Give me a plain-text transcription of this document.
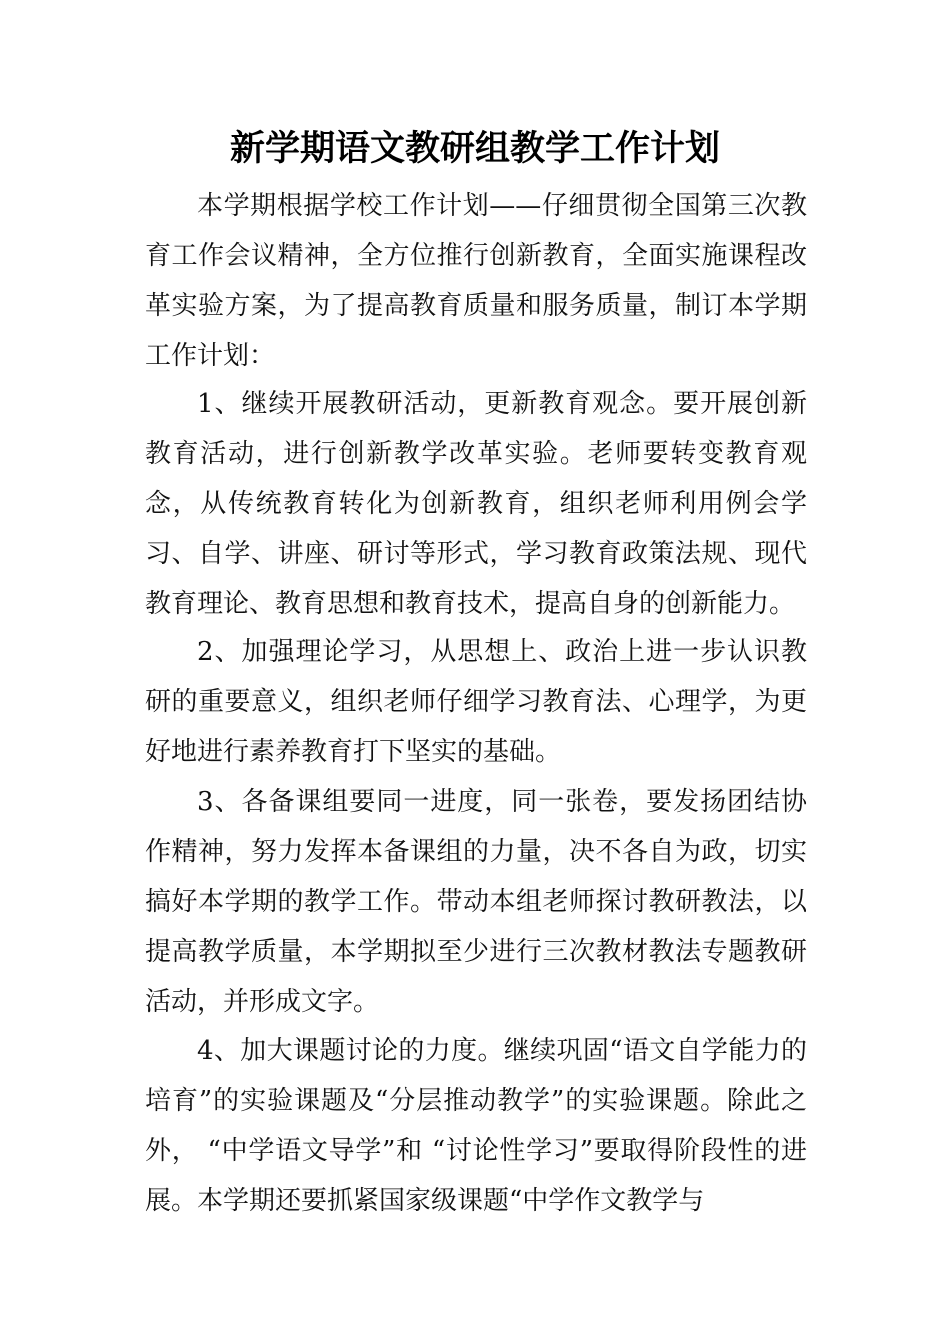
新学期语文教研组教学工作计划

本学期根据学校工作计划——仔细贯彻全国第三次教育工作会议精神，全方位推行创新教育，全面实施课程改革实验方案，为了提高教育质量和服务质量，制订本学期工作计划：

1、继续开展教研活动，更新教育观念。要开展创新教育活动，进行创新教学改革实验。老师要转变教育观念，从传统教育转化为创新教育，组织老师利用例会学习、自学、讲座、研讨等形式，学习教育政策法规、现代教育理论、教育思想和教育技术，提高自身的创新能力。

2、加强理论学习，从思想上、政治上进一步认识教研的重要意义，组织老师仔细学习教育法、心理学，为更好地进行素养教育打下坚实的基础。

3、各备课组要同一进度，同一张卷，要发扬团结协作精神，努力发挥本备课组的力量，决不各自为政，切实搞好本学期的教学工作。带动本组老师探讨教研教法，以提高教学质量，本学期拟至少进行三次教材教法专题教研活动，并形成文字。

4、加大课题讨论的力度。继续巩固“语文自学能力的培育”的实验课题及“分层推动教学”的实验课题。除此之外， “中学语文导学”和 “讨论性学习”要取得阶段性的进展。本学期还要抓紧国家级课题“中学作文教学与
